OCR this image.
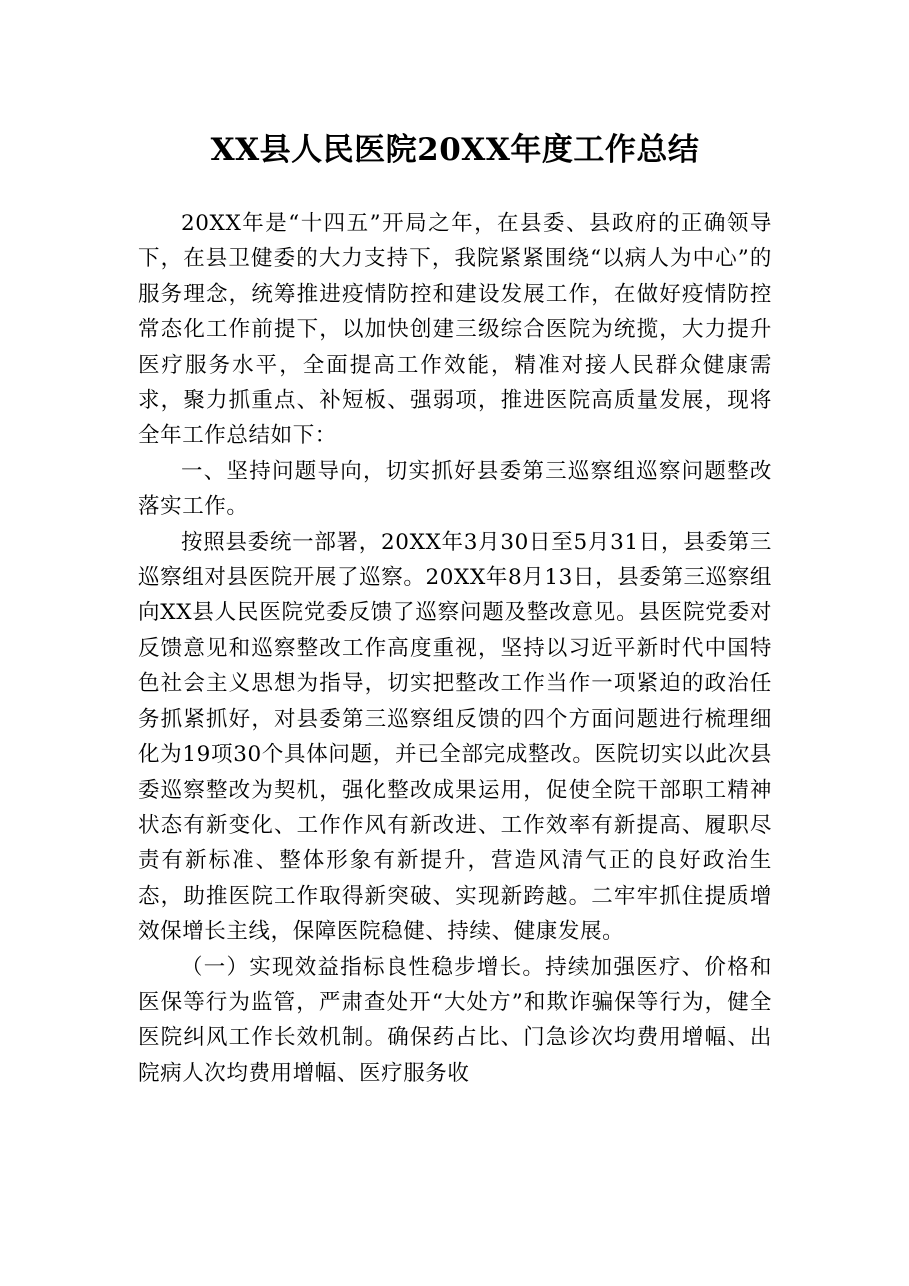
XX县人民医院20XX年度工作总结

20XX年是“十四五”开局之年，在县委、县政府的正确领导下，在县卫健委的大力支持下，我院紧紧围绕“以病人为中心”的服务理念，统筹推进疫情防控和建设发展工作，在做好疫情防控常态化工作前提下，以加快创建三级综合医院为统揽，大力提升医疗服务水平，全面提高工作效能，精准对接人民群众健康需求，聚力抓重点、补短板、强弱项，推进医院高质量发展，现将全年工作总结如下：

一、坚持问题导向，切实抓好县委第三巡察组巡察问题整改落实工作。

按照县委统一部署，20XX年3月30日至5月31日，县委第三巡察组对县医院开展了巡察。20XX年8月13日，县委第三巡察组向XX县人民医院党委反馈了巡察问题及整改意见。县医院党委对反馈意见和巡察整改工作高度重视，坚持以习近平新时代中国特色社会主义思想为指导，切实把整改工作当作一项紧迫的政治任务抓紧抓好，对县委第三巡察组反馈的四个方面问题进行梳理细化为19项30个具体问题，并已全部完成整改。医院切实以此次县委巡察整改为契机，强化整改成果运用，促使全院干部职工精神状态有新变化、工作作风有新改进、工作效率有新提高、履职尽责有新标准、整体形象有新提升，营造风清气正的良好政治生态，助推医院工作取得新突破、实现新跨越。二牢牢抓住提质增效保增长主线，保障医院稳健、持续、健康发展。

（一）实现效益指标良性稳步增长。持续加强医疗、价格和医保等行为监管，严肃查处开“大处方”和欺诈骗保等行为，健全医院纠风工作长效机制。确保药占比、门急诊次均费用增幅、出院病人次均费用增幅、医疗服务收
